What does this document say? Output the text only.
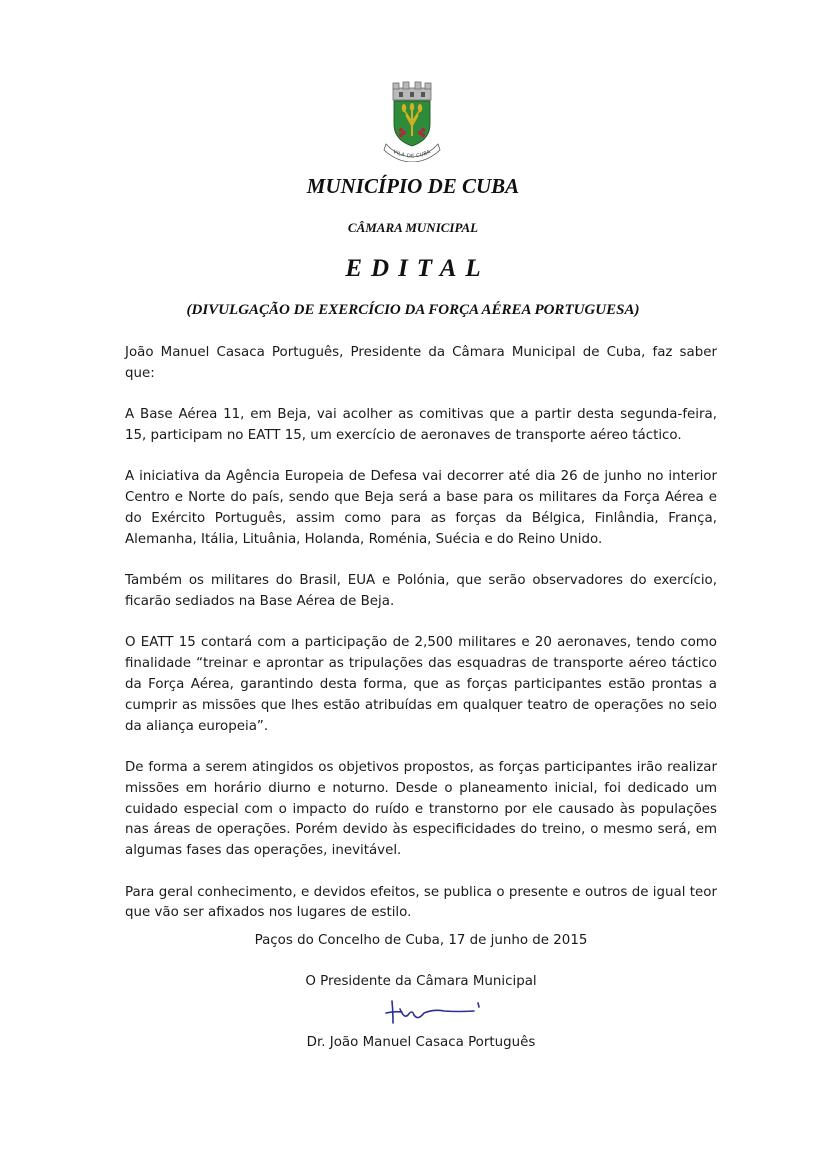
VILA DE CUBA
MUNICÍPIO DE CUBA
CÂMARA MUNICIPAL
EDITAL
(DIVULGAÇÃO DE EXERCÍCIO DA FORÇA AÉREA PORTUGUESA)

João Manuel Casaca Português, Presidente da Câmara Municipal de Cuba, faz saber que:

A Base Aérea 11, em Beja, vai acolher as comitivas que a partir desta segunda-feira, 15, participam no EATT 15, um exercício de aeronaves de transporte aéreo táctico.

A iniciativa da Agência Europeia de Defesa vai decorrer até dia 26 de junho no interior Centro e Norte do país, sendo que Beja será a base para os militares da Força Aérea e do Exército Português, assim como para as forças da Bélgica, Finlândia, França, Alemanha, Itália, Lituânia, Holanda, Roménia, Suécia e do Reino Unido.

Também os militares do Brasil, EUA e Polónia, que serão observadores do exercício, ficarão sediados na Base Aérea de Beja.

O EATT 15 contará com a participação de 2,500 militares e 20 aeronaves, tendo como finalidade “treinar e aprontar as tripulações das esquadras de transporte aéreo táctico da Força Aérea, garantindo desta forma, que as forças participantes estão prontas a cumprir as missões que lhes estão atribuídas em qualquer teatro de operações no seio da aliança europeia”.

De forma a serem atingidos os objetivos propostos, as forças participantes irão realizar missões em horário diurno e noturno. Desde o planeamento inicial, foi dedicado um cuidado especial com o impacto do ruído e transtorno por ele causado às populações nas áreas de operações. Porém devido às especificidades do treino, o mesmo será, em algumas fases das operações, inevitável.

Para geral conhecimento, e devidos efeitos, se publica o presente e outros de igual teor que vão ser afixados nos lugares de estilo.

Paços do Concelho de Cuba, 17 de junho de 2015
O Presidente da Câmara Municipal
Dr. João Manuel Casaca Português
